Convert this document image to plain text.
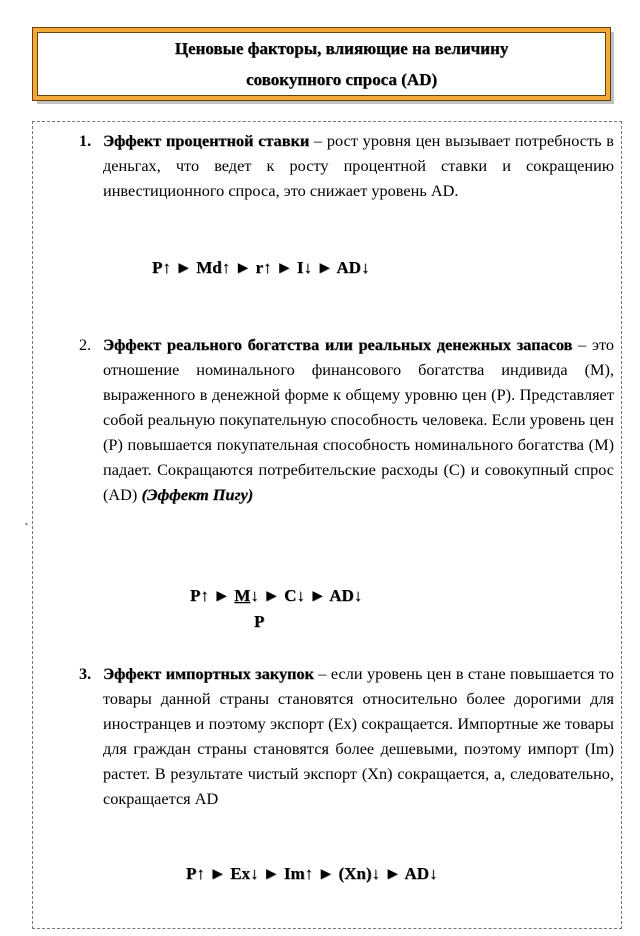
Ценовые факторы, влияющие на величину
совокупного спроса (AD)
˛
1. Эффект процентной ставки – рост уровня цен вызывает потребность в деньгах, что ведет к росту процентной ставки и сокращению инвестиционного спроса, это снижает уровень AD.
P↑ ► Md↑ ► r↑ ► I↓ ► AD↓
2. Эффект реального богатства или реальных денежных запасов – это отношение номинального финансового богатства индивида (М), выраженного в денежной форме к общему уровню цен (Р). Представляет собой реальную покупательную способность человека. Если уровень цен (Р) повышается покупательная способность номинального богатства (М) падает. Сокращаются потребительские расходы (С) и совокупный спрос (AD) (Эффект Пигу)
P↑ ► M↓ ► C↓ ► AD↓
P
3. Эффект импортных закупок – если уровень цен в стане повышается то товары данной страны становятся относительно более дорогими для иностранцев и поэтому экспорт (Ex) сокращается. Импортные же товары для граждан страны становятся более дешевыми, поэтому импорт (Im) растет. В результате чистый экспорт (Xn) сокращается, а, следовательно, сокращается AD
P↑ ► Ex↓ ► Im↑ ► (Xn)↓ ► AD↓
